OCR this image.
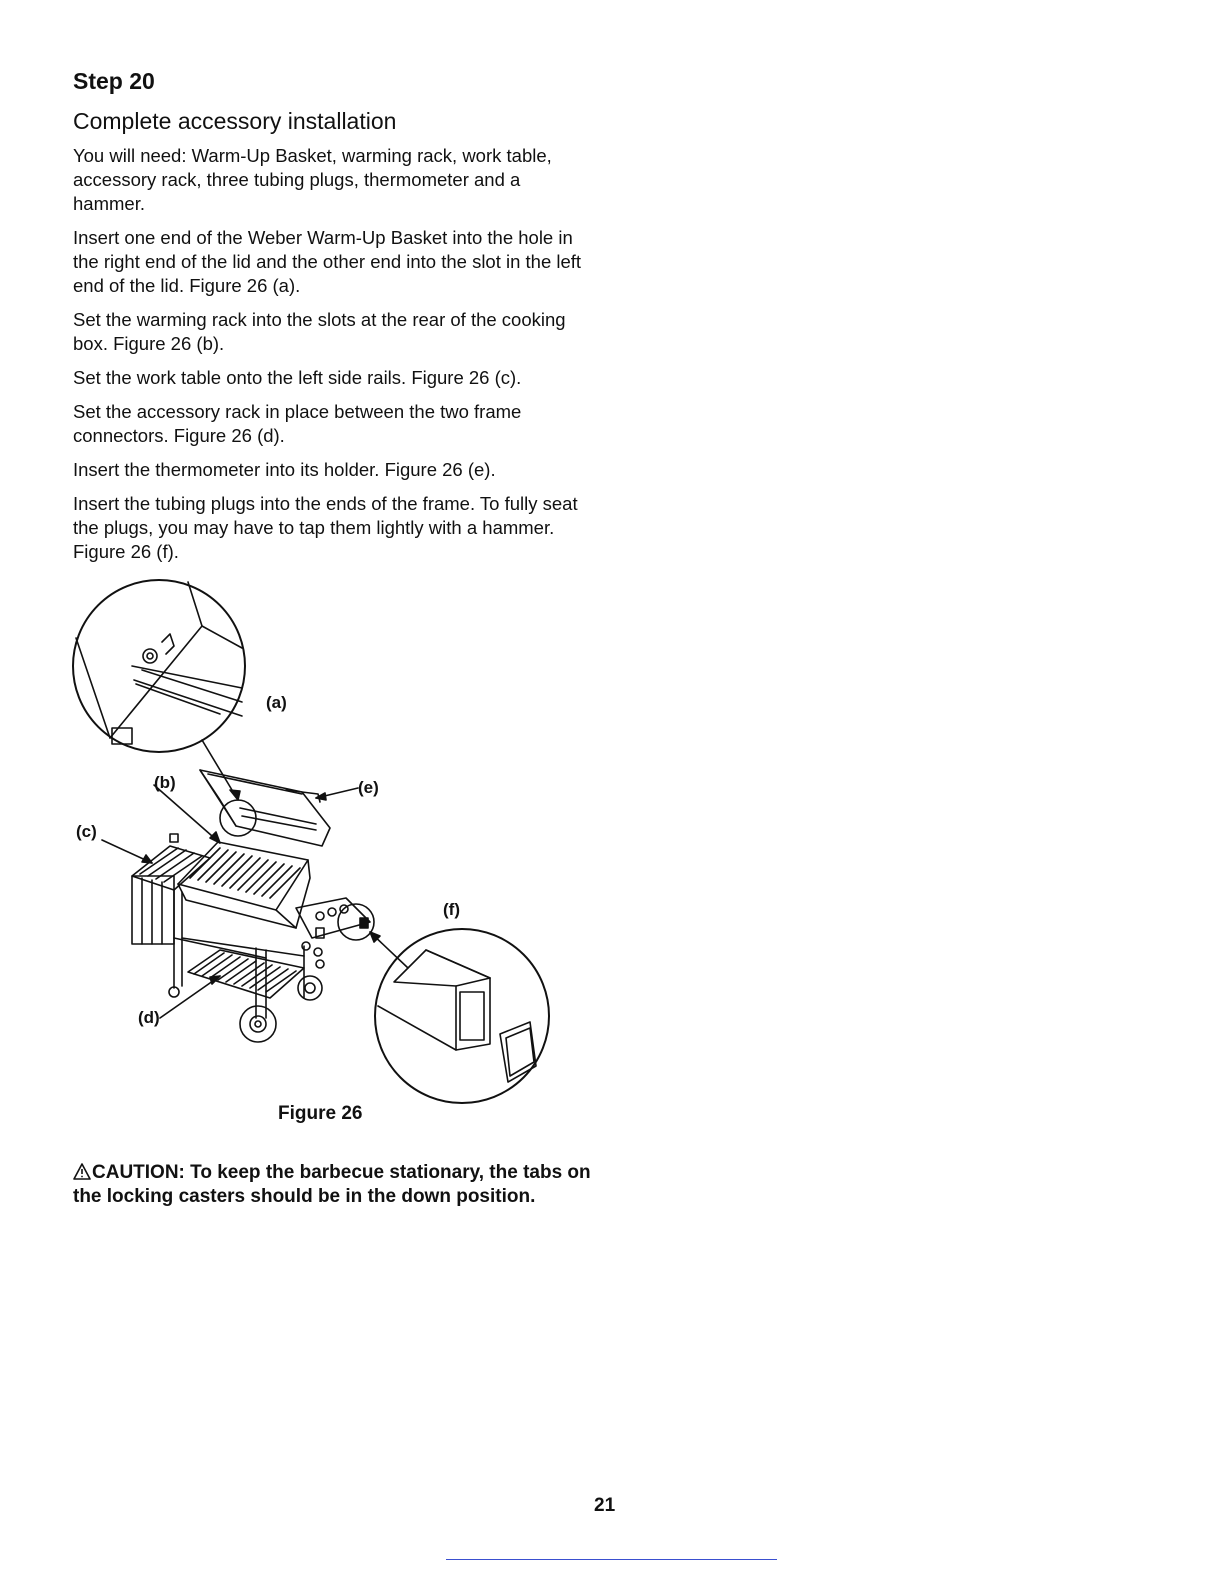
Step 20
Complete accessory installation

You will need: Warm-Up Basket, warming rack, work table, accessory rack, three tubing plugs, thermometer and a hammer.

Insert one end of the Weber Warm-Up Basket into the hole in the right end of the lid and the other end into the slot in the left end of the lid. Figure 26 (a).

Set the warming rack into the slots at the rear of the cooking box. Figure 26 (b).

Set the work table onto the left side rails. Figure 26 (c).

Set the accessory rack in place between the two frame connectors. Figure 26 (d).

Insert the thermometer into its holder. Figure 26 (e).

Insert the tubing plugs into the ends of the frame. To fully seat the plugs, you may have to tap them lightly with a hammer. Figure 26 (f).

(a)
(b)
(c)
(d)
(e)
(f)
Figure 26
CAUTION: To keep the barbecue stationary, the tabs on the locking casters should be in the down position.
21
